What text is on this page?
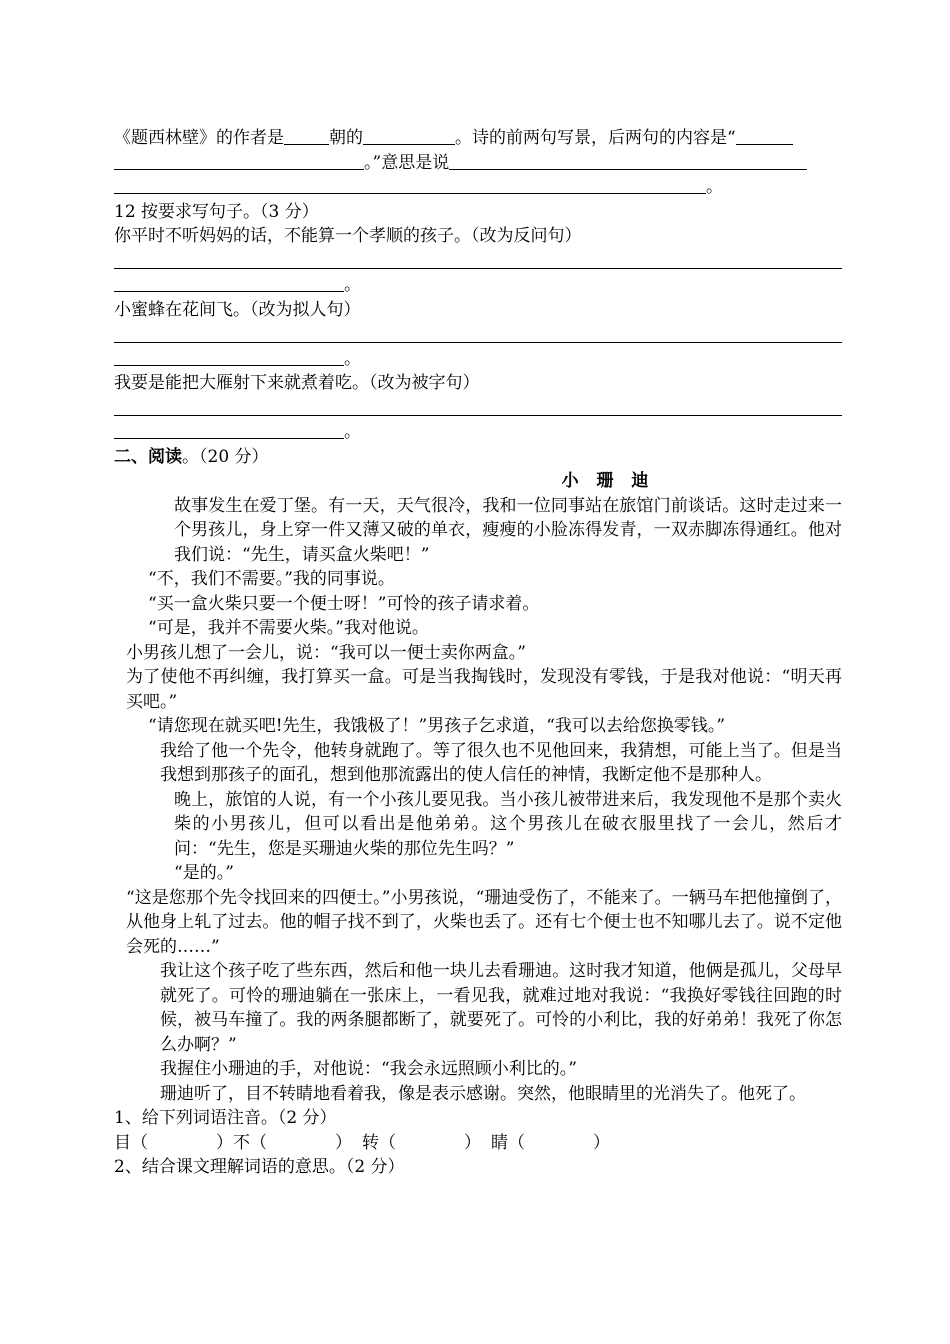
《题西林壁》的作者是	朝的	。诗的前两句写景，后两句的内容是“
。”意思是说
。
12 按要求写句子。（3 分）
你平时不听妈妈的话，不能算一个孝顺的孩子。（改为反问句）
。
小蜜蜂在花间飞。（改为拟人句）
。
我要是能把大雁射下来就煮着吃。（改为被字句）
。
二、阅读。（20 分）
小 珊 迪
故事发生在爱丁堡。有一天，天气很冷，我和一位同事站在旅馆门前谈话。这时走过来一个男孩儿，身上穿一件又薄又破的单衣，瘦瘦的小脸冻得发青，一双赤脚冻得通红。他对我们说：“先生，请买盒火柴吧！”
“不，我们不需要。”我的同事说。
“买一盒火柴只要一个便士呀！”可怜的孩子请求着。
“可是，我并不需要火柴。”我对他说。
小男孩儿想了一会儿，说：“我可以一便士卖你两盒。”
为了使他不再纠缠，我打算买一盒。可是当我掏钱时，发现没有零钱，于是我对他说：“明天再买吧。”
“请您现在就买吧!先生，我饿极了！”男孩子乞求道，“我可以去给您换零钱。”
我给了他一个先令，他转身就跑了。等了很久也不见他回来，我猜想，可能上当了。但是当我想到那孩子的面孔，想到他那流露出的使人信任的神情，我断定他不是那种人。
晚上，旅馆的人说，有一个小孩儿要见我。当小孩儿被带进来后，我发现他不是那个卖火柴的小男孩儿，但可以看出是他弟弟。这个男孩儿在破衣服里找了一会儿，然后才问：“先生，您是买珊迪火柴的那位先生吗？”
“是的。”
“这是您那个先令找回来的四便士。”小男孩说，“珊迪受伤了，不能来了。一辆马车把他撞倒了，从他身上轧了过去。他的帽子找不到了，火柴也丢了。还有七个便士也不知哪儿去了。说不定他会死的……”
我让这个孩子吃了些东西，然后和他一块儿去看珊迪。这时我才知道，他俩是孤儿，父母早就死了。可怜的珊迪躺在一张床上，一看见我，就难过地对我说：“我换好零钱往回跑的时候，被马车撞了。我的两条腿都断了，就要死了。可怜的小利比，我的好弟弟！我死了你怎么办啊？”
我握住小珊迪的手，对他说：“我会永远照顾小利比的。”
珊迪听了，目不转睛地看着我，像是表示感谢。突然，他眼睛里的光消失了。他死了。
1、给下列词语注音。（2 分）
目（　　　　）不（　　　　） 转（　　　　） 睛（　　　　）
2、结合课文理解词语的意思。（2 分）
